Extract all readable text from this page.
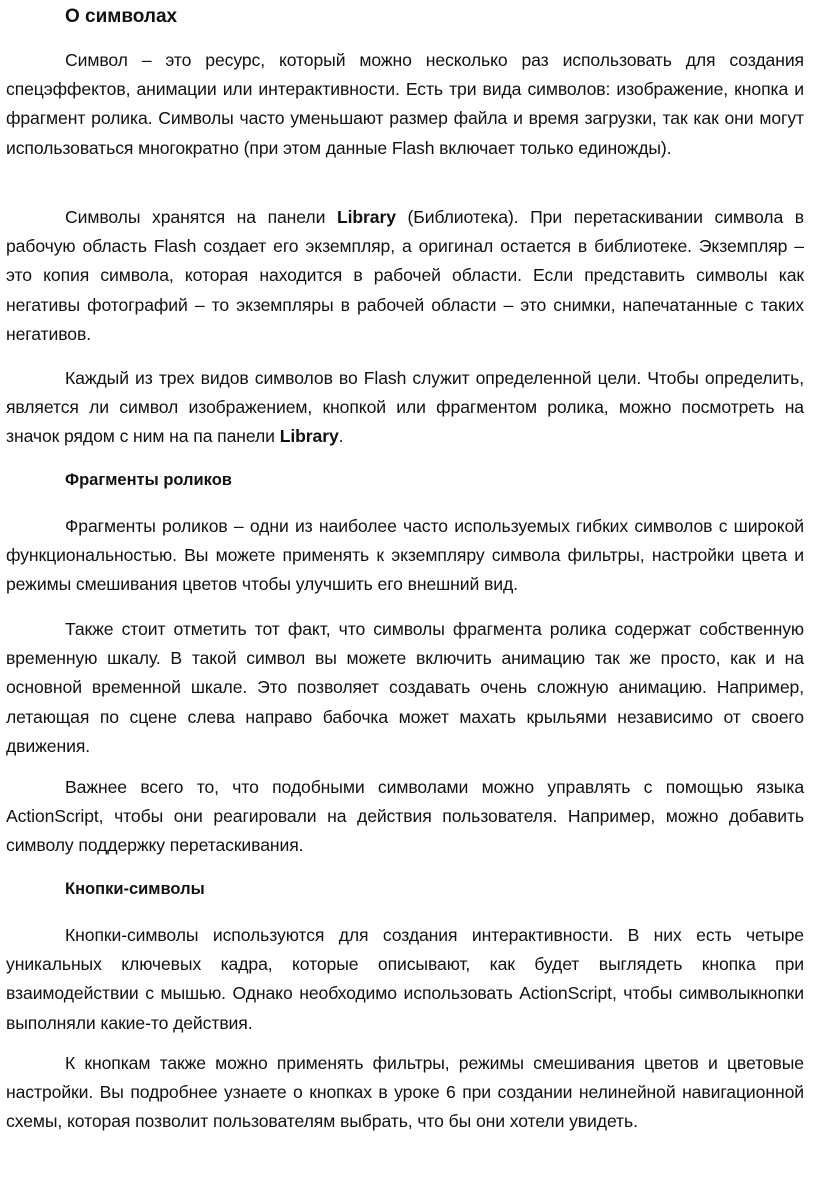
О символах

Символ – это ресурс, который можно несколько раз использовать для создания спецэффектов, анимации или интерактивности. Есть три вида символов: изображение, кнопка и фрагмент ролика. Символы часто уменьшают размер файла и время загрузки, так как они могут использоваться многократно (при этом данные Flash включает только единожды).

Символы хранятся на панели Library (Библиотека). При перетаскивании символа в рабочую область Flash создает его экземпляр, а оригинал остается в библиотеке. Экземпляр – это копия символа, которая находится в рабочей области. Если представить символы как негативы фотографий – то экземпляры в рабочей области – это снимки, напечатанные с таких негативов.

Каждый из трех видов символов во Flash служит определенной цели. Чтобы определить, является ли символ изображением, кнопкой или фрагментом ролика, можно посмотреть на значок рядом с ним на па панели Library.

Фрагменты роликов

Фрагменты роликов – одни из наиболее часто используемых гибких символов с широкой функциональностью. Вы можете применять к экземпляру символа фильтры, настройки цвета и режимы смешивания цветов чтобы улучшить его внешний вид.

Также стоит отметить тот факт, что символы фрагмента ролика содержат собственную временную шкалу. В такой символ вы можете включить анимацию так же просто, как и на основной временной шкале. Это позволяет создавать очень сложную анимацию. Например, летающая по сцене слева направо бабочка может махать крыльями независимо от своего движения.

Важнее всего то, что подобными символами можно управлять с помощью языка ActionScript, чтобы они реагировали на действия пользователя. Например, можно добавить символу поддержку перетаскивания.

Кнопки-символы

Кнопки-символы используются для создания интерактивности. В них есть четыре уникальных ключевых кадра, которые описывают, как будет выглядеть кнопка при взаимодействии с мышью. Однако необходимо использовать ActionScript, чтобы символыкнопки выполняли какие-то действия.

К кнопкам также можно применять фильтры, режимы смешивания цветов и цветовые настройки. Вы подробнее узнаете о кнопках в уроке 6 при создании нелинейной навигационной схемы, которая позволит пользователям выбрать, что бы они хотели увидеть.
